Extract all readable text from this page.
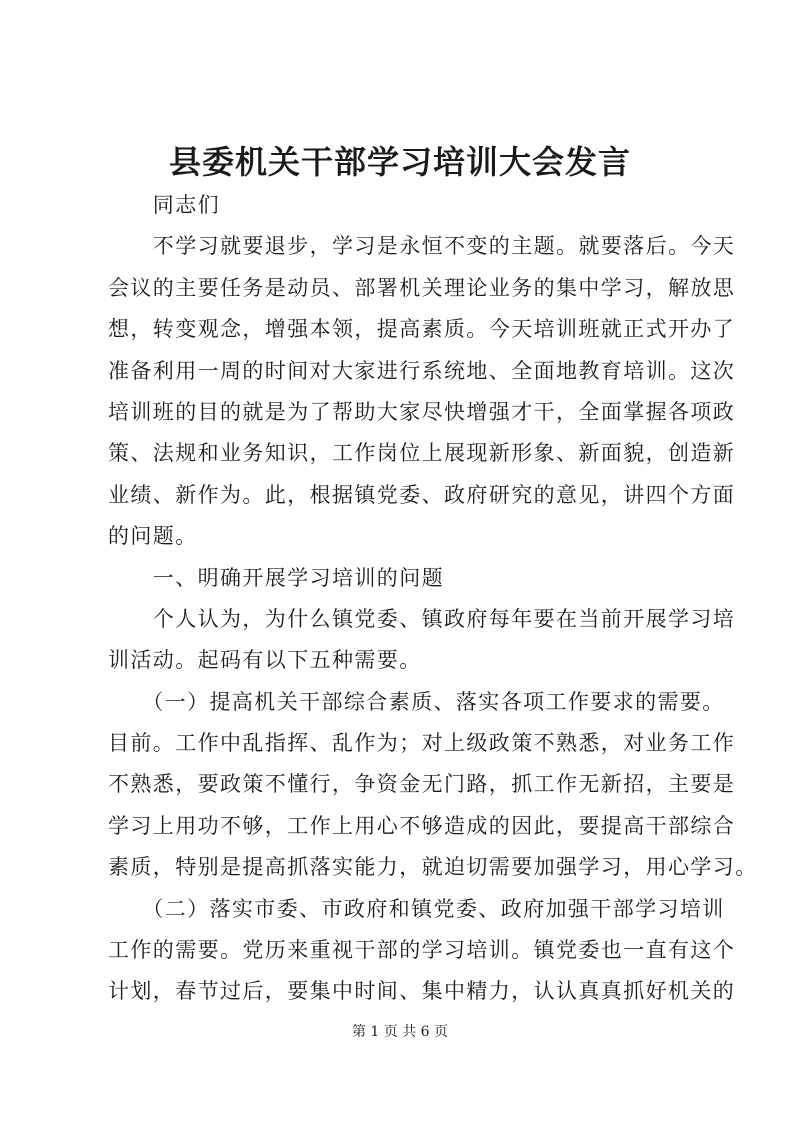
县委机关干部学习培训大会发言
　　同志们
　　不学习就要退步，学习是永恒不变的主题。就要落后。今天
会议的主要任务是动员、部署机关理论业务的集中学习，解放思
想，转变观念，增强本领，提高素质。今天培训班就正式开办了
准备利用一周的时间对大家进行系统地、全面地教育培训。这次
培训班的目的就是为了帮助大家尽快增强才干，全面掌握各项政
策、法规和业务知识，工作岗位上展现新形象、新面貌，创造新
业绩、新作为。此，根据镇党委、政府研究的意见，讲四个方面
的问题。
　　一、明确开展学习培训的问题
　　个人认为，为什么镇党委、镇政府每年要在当前开展学习培
训活动。起码有以下五种需要。
　　（一）提高机关干部综合素质、落实各项工作要求的需要。
目前。工作中乱指挥、乱作为；对上级政策不熟悉，对业务工作
不熟悉，要政策不懂行，争资金无门路，抓工作无新招，主要是
学习上用功不够，工作上用心不够造成的因此，要提高干部综合
素质，特别是提高抓落实能力，就迫切需要加强学习，用心学习。
　　（二）落实市委、市政府和镇党委、政府加强干部学习培训
工作的需要。党历来重视干部的学习培训。镇党委也一直有这个
计划，春节过后，要集中时间、集中精力，认认真真抓好机关的
第 1 页 共 6 页
